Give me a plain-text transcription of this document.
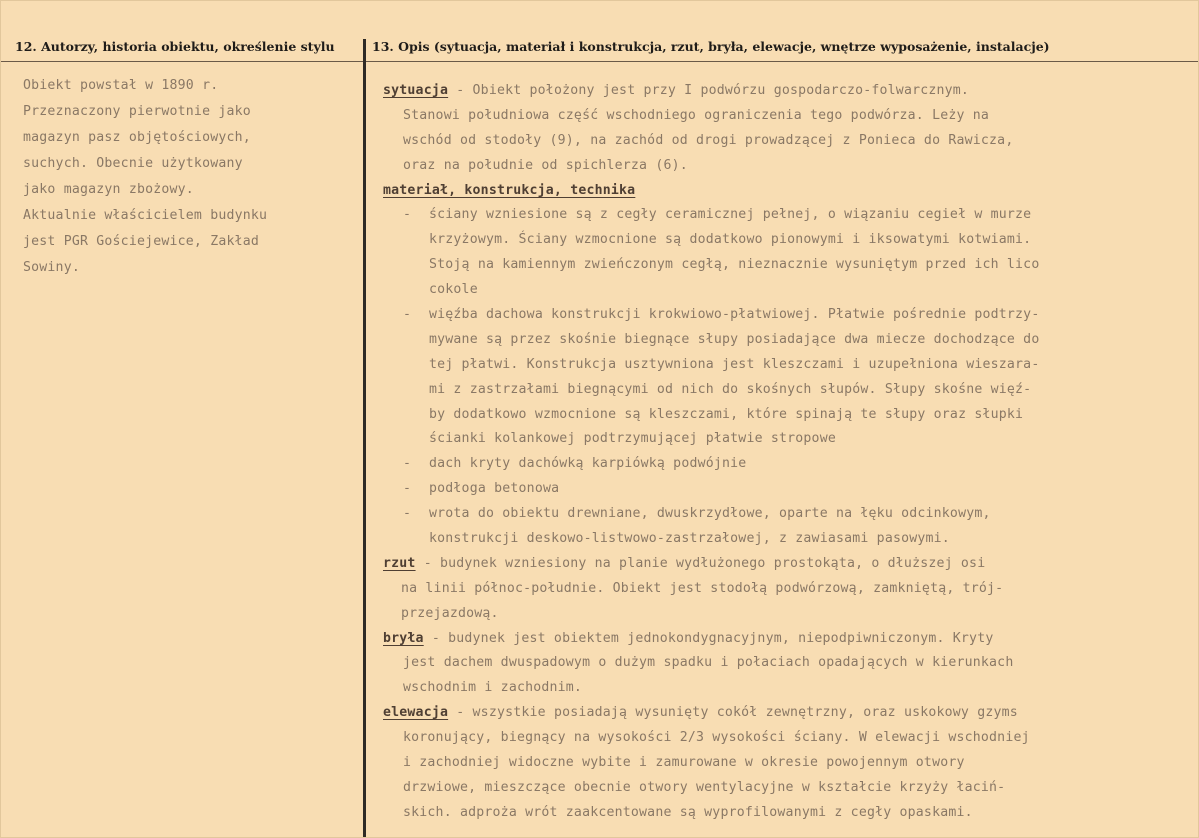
12. Autorzy, historia obiektu, określenie stylu	13. Opis (sytuacja, materiał i konstrukcja, rzut, bryła, elewacje, wnętrze wyposażenie, instalacje)
Obiekt powstał w 1890 r.
Przeznaczony pierwotnie jako
magazyn pasz objętościowych,
suchych. Obecnie użytkowany
jako magazyn zbożowy.
Aktualnie właścicielem budynku
jest PGR Gościejewice, Zakład
Sowiny.
sytuacja - Obiekt położony jest przy I podwórzu gospodarczo-folwarcznym.
Stanowi południowa część wschodniego ograniczenia tego podwórza. Leży na
wschód od stodoły (9), na zachód od drogi prowadzącej z Ponieca do Rawicza,
oraz na południe od spichlerza (6).
materiał, konstrukcja, technika
- ściany wzniesione są z cegły ceramicznej pełnej, o wiązaniu cegieł w murze
krzyżowym. Ściany wzmocnione są dodatkowo pionowymi i iksowatymi kotwiami.
Stoją na kamiennym zwieńczonym cegłą, nieznacznie wysuniętym przed ich lico
cokole
- więźba dachowa konstrukcji krokwiowo-płatwiowej. Płatwie pośrednie podtrzy-
mywane są przez skośnie biegnące słupy posiadające dwa miecze dochodzące do
tej płatwi. Konstrukcja usztywniona jest kleszczami i uzupełniona wieszara-
mi z zastrzałami biegnącymi od nich do skośnych słupów. Słupy skośne więź-
by dodatkowo wzmocnione są kleszczami, które spinają te słupy oraz słupki
ścianki kolankowej podtrzymującej płatwie stropowe
- dach kryty dachówką karpiówką podwójnie
- podłoga betonowa
- wrota do obiektu drewniane, dwuskrzydłowe, oparte na łęku odcinkowym,
konstrukcji deskowo-listwowo-zastrzałowej, z zawiasami pasowymi.
rzut - budynek wzniesiony na planie wydłużonego prostokąta, o dłuższej osi
na linii północ-południe. Obiekt jest stodołą podwórzową, zamkniętą, trój-
przejazdową.
bryła - budynek jest obiektem jednokondygnacyjnym, niepodpiwniczonym. Kryty
jest dachem dwuspadowym o dużym spadku i połaciach opadających w kierunkach
wschodnim i zachodnim.
elewacja - wszystkie posiadają wysunięty cokół zewnętrzny, oraz uskokowy gzyms
koronujący, biegnący na wysokości 2/3 wysokości ściany. W elewacji wschodniej
i zachodniej widoczne wybite i zamurowane w okresie powojennym otwory
drzwiowe, mieszczące obecnie otwory wentylacyjne w kształcie krzyży łaciń-
skich. adproża wrót zaakcentowane są wyprofilowanymi z cegły opaskami.
